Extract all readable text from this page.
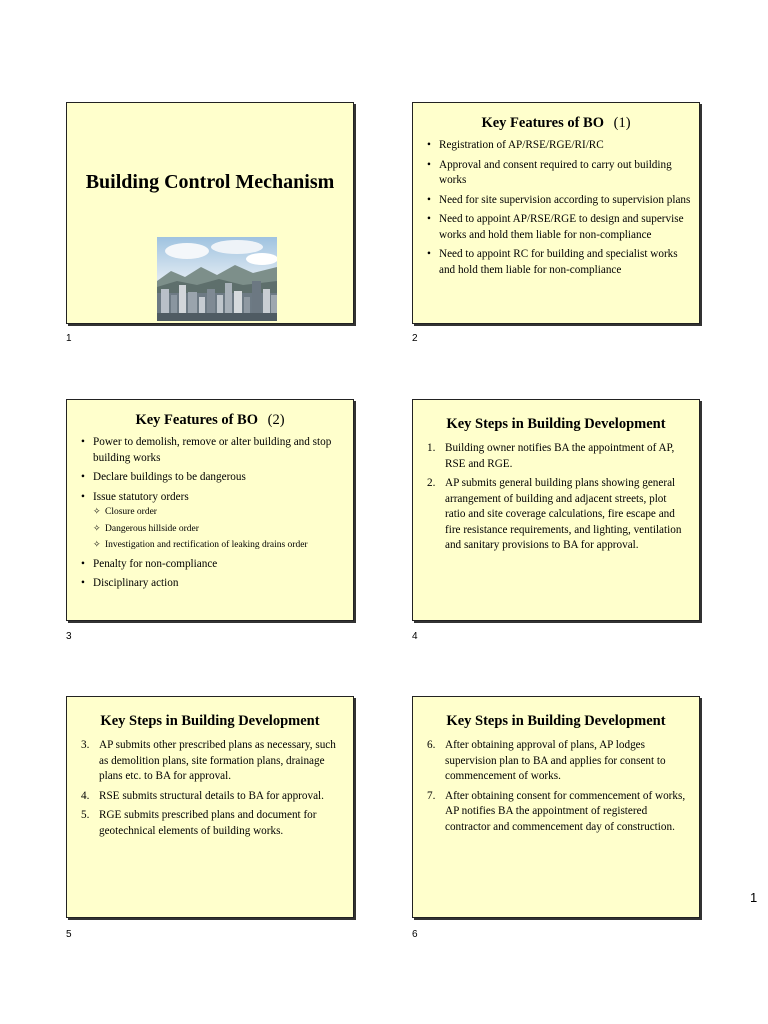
Building Control Mechanism
1
Key Features of BO (1)
• Registration of AP/RSE/RGE/RI/RC
• Approval and consent required to carry out building works
• Need for site supervision according to supervision plans
• Need to appoint AP/RSE/RGE to design and supervise works and hold them liable for non-compliance
• Need to appoint RC for building and specialist works and hold them liable for non-compliance
2
Key Features of BO (2)
• Power to demolish, remove or alter building and stop building works
• Declare buildings to be dangerous
• Issue statutory orders
✧ Closure order
✧ Dangerous hillside order
✧ Investigation and rectification of leaking drains order
• Penalty for non-compliance
• Disciplinary action
3
Key Steps in Building Development
1. Building owner notifies BA the appointment of AP, RSE and RGE.
2. AP submits general building plans showing general arrangement of building and adjacent streets, plot ratio and site coverage calculations, fire escape and fire resistance requirements, and lighting, ventilation and sanitary provisions to BA for approval.
4
Key Steps in Building Development
3. AP submits other prescribed plans as necessary, such as demolition plans, site formation plans, drainage plans etc. to BA for approval.
4. RSE submits structural details to BA for approval.
5. RGE submits prescribed plans and document for geotechnical elements of building works.
5
Key Steps in Building Development
6. After obtaining approval of plans, AP lodges supervision plan to BA and applies for consent to commencement of works.
7. After obtaining consent for commencement of works, AP notifies BA the appointment of registered contractor and commencement day of construction.
6
1
